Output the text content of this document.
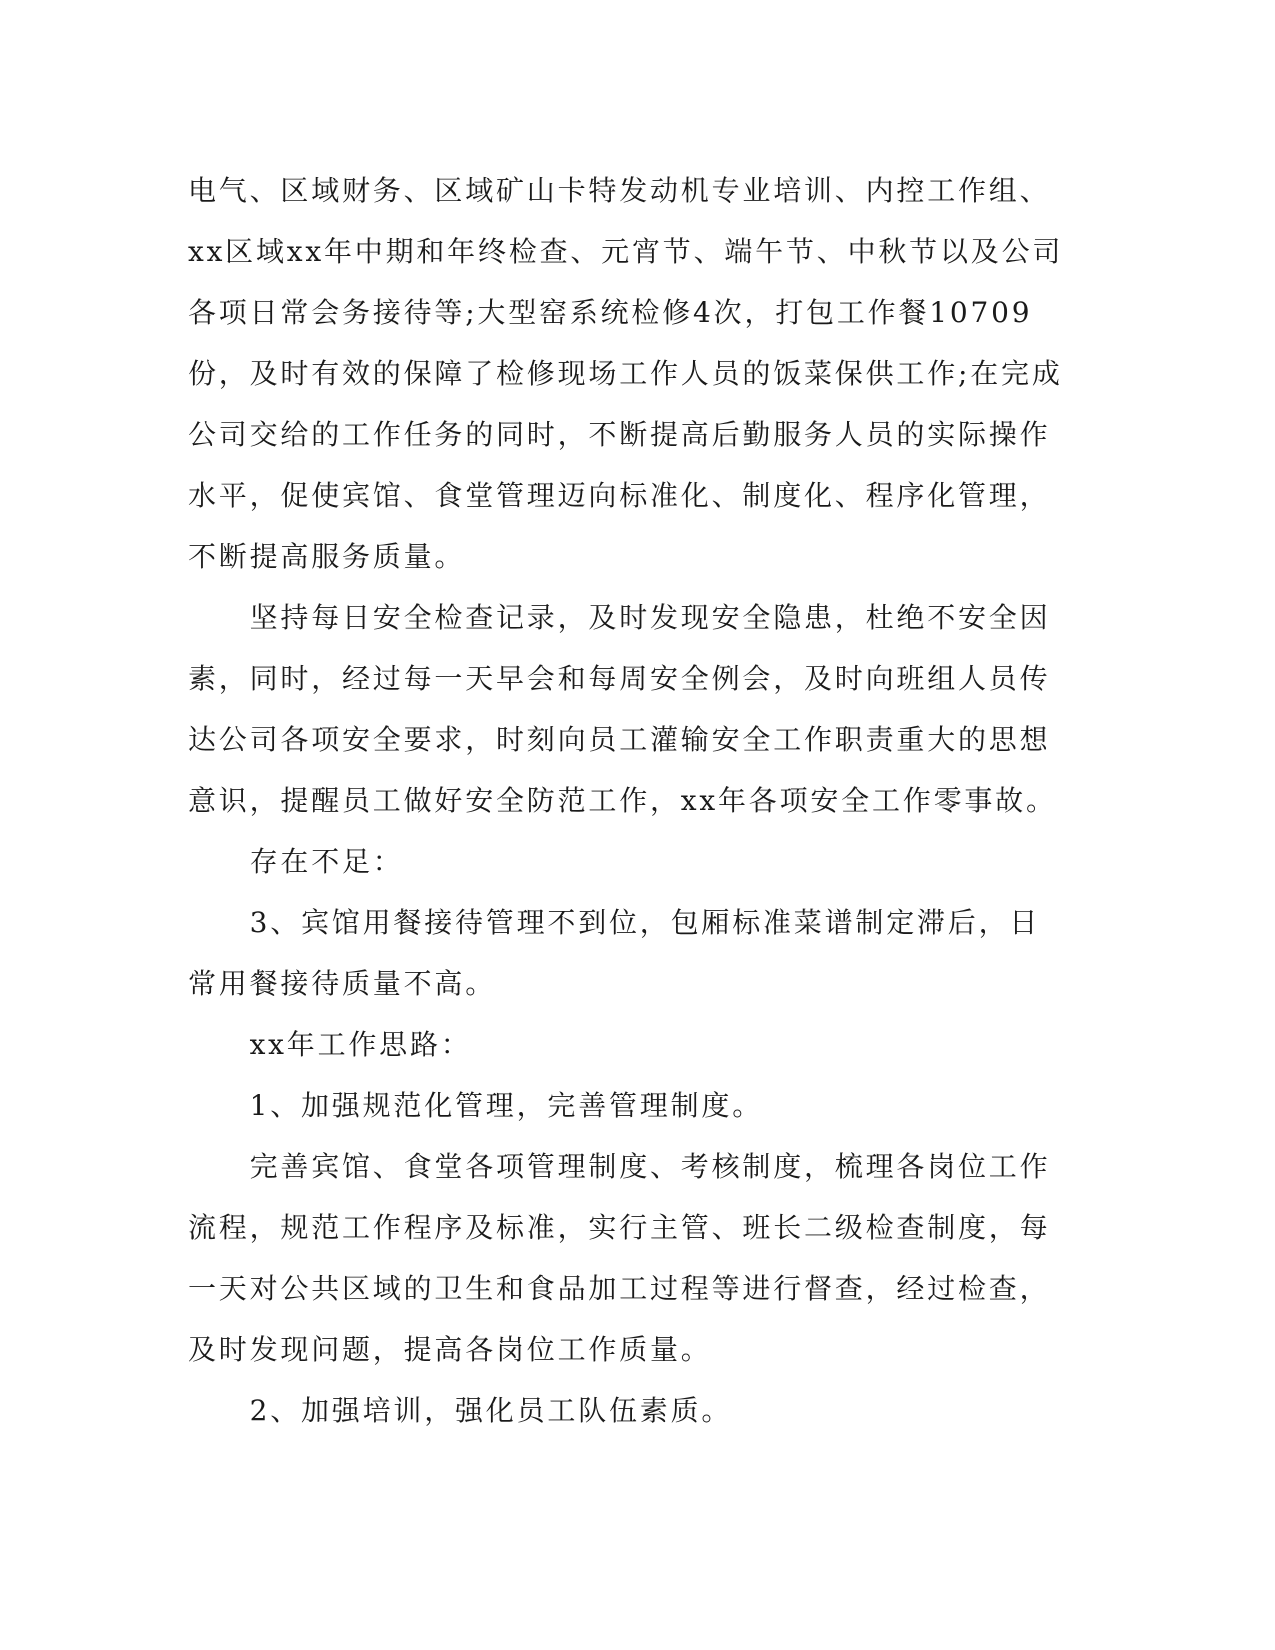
电气、区域财务、区域矿山卡特发动机专业培训、内控工作组、xx区域xx年中期和年终检查、元宵节、端午节、中秋节以及公司各项日常会务接待等;大型窑系统检修4次，打包工作餐10709份，及时有效的保障了检修现场工作人员的饭菜保供工作;在完成公司交给的工作任务的同时，不断提高后勤服务人员的实际操作水平，促使宾馆、食堂管理迈向标准化、制度化、程序化管理，不断提高服务质量。

坚持每日安全检查记录，及时发现安全隐患，杜绝不安全因素，同时，经过每一天早会和每周安全例会，及时向班组人员传达公司各项安全要求，时刻向员工灌输安全工作职责重大的思想意识，提醒员工做好安全防范工作，xx年各项安全工作零事故。

存在不足：

3、宾馆用餐接待管理不到位，包厢标准菜谱制定滞后，日常用餐接待质量不高。

xx年工作思路：

1、加强规范化管理，完善管理制度。

完善宾馆、食堂各项管理制度、考核制度，梳理各岗位工作流程，规范工作程序及标准，实行主管、班长二级检查制度，每一天对公共区域的卫生和食品加工过程等进行督查，经过检查，及时发现问题，提高各岗位工作质量。

2、加强培训，强化员工队伍素质。
